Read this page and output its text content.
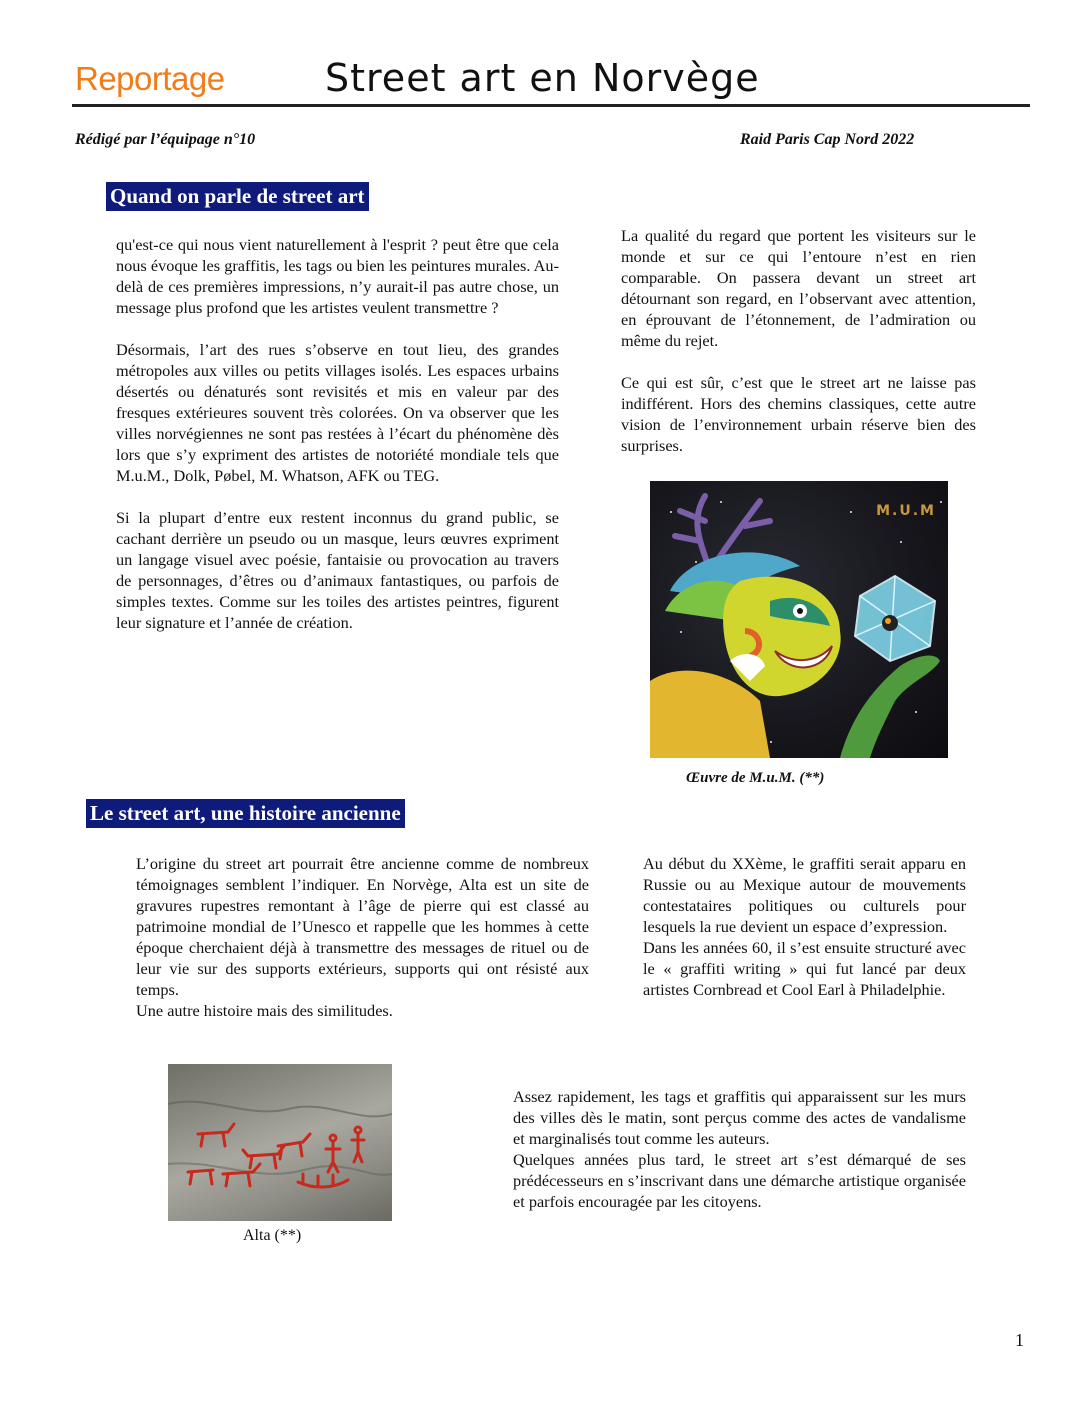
Reportage	Street art en Norvège
Rédigé par l’équipage n°10	Raid Paris Cap Nord 2022
Quand on parle de street art

qu'est-ce qui nous vient naturellement à l'esprit ? peut être que cela nous évoque les graffitis, les tags ou bien les peintures murales. Au-delà de ces premières impressions, n’y aurait-il pas autre chose, un message plus profond que les artistes veulent transmettre ?

Désormais, l’art des rues s’observe en tout lieu, des grandes métropoles aux villes ou petits villages isolés. Les espaces urbains désertés ou dénaturés sont revisités et mis en valeur par des fresques extérieures souvent très colorées. On va observer que les villes norvégiennes ne sont pas restées à l’écart du phénomène dès lors que s’y expriment des artistes de notoriété mondiale tels que M.u.M., Dolk, Pøbel, M. Whatson, AFK ou TEG.

Si la plupart d’entre eux restent inconnus du grand public, se cachant derrière un pseudo ou un masque, leurs œuvres expriment un langage visuel avec poésie, fantaisie ou provocation au travers de personnages, d’êtres ou d’animaux fantastiques, ou parfois de simples textes. Comme sur les toiles des artistes peintres, figurent leur signature et l’année de création.

La qualité du regard que portent les visiteurs sur le monde et sur ce qui l’entoure n’est en rien comparable. On passera devant un street art détournant son regard, en l’observant avec attention, en éprouvant de l’étonnement, de l’admiration ou même du rejet.

Ce qui est sûr, c’est que le street art ne laisse pas indifférent. Hors des chemins classiques, cette autre vision de l’environnement urbain réserve bien des surprises.

M.U.M
Œuvre de M.u.M. (**)
Le street art, une histoire ancienne

L’origine du street art pourrait être ancienne comme de nombreux témoignages semblent l’indiquer. En Norvège, Alta est un site de gravures rupestres remontant à l’âge de pierre qui est classé au patrimoine mondial de l’Unesco et rappelle que les hommes à cette époque cherchaient déjà à transmettre des messages de rituel ou de leur vie sur des supports extérieurs, supports qui ont résisté aux temps.

Une autre histoire mais des similitudes.

Au début du XXème, le graffiti serait apparu en Russie ou au Mexique autour de mouvements contestataires politiques ou culturels pour lesquels la rue devient un espace d’expression.

Dans les années 60, il s’est ensuite structuré avec le « graffiti writing » qui fut lancé par deux artistes Cornbread et Cool Earl à Philadelphie.

Alta (**)

Assez rapidement, les tags et graffitis qui apparaissent sur les murs des villes dès le matin, sont perçus comme des actes de vandalisme et marginalisés tout comme les auteurs.

Quelques années plus tard, le street art s’est démarqué de ses prédécesseurs en s’inscrivant dans une démarche artistique organisée et parfois encouragée par les citoyens.

1
